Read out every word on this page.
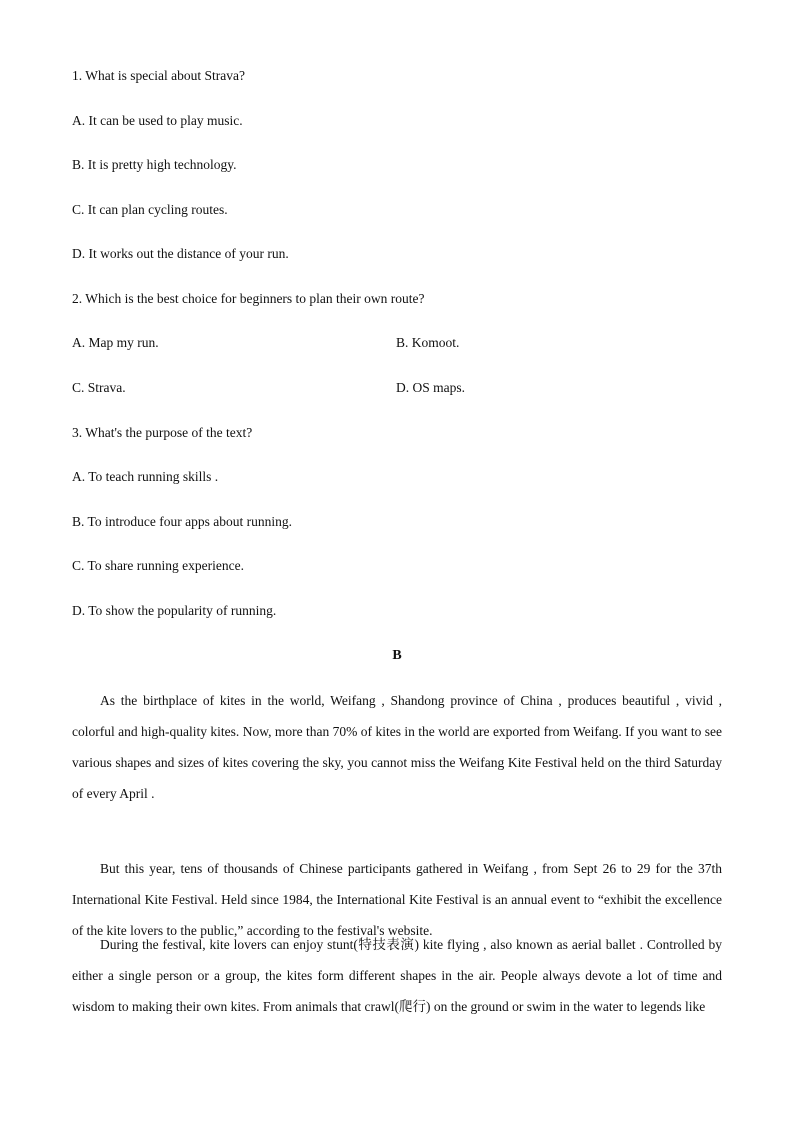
1. What is special about Strava?
A. It can be used to play music.
B. It is pretty high technology.
C. It can plan cycling routes.
D. It works out the distance of your run.
2. Which is the best choice for beginners to plan their own route?
A. Map my run.	B. Komoot.
C. Strava.	D. OS maps.
3. What's the purpose of the text?
A. To teach running skills .
B. To introduce four apps about running.
C. To share running experience.
D. To show the popularity of running.
B

As the birthplace of kites in the world, Weifang , Shandong province of China , produces beautiful , vivid , colorful and high-quality kites. Now, more than 70% of kites in the world are exported from Weifang. If you want to see various shapes and sizes of kites covering the sky, you cannot miss the Weifang Kite Festival held on the third Saturday of every April .

But this year, tens of thousands of Chinese participants gathered in Weifang , from Sept 26 to 29 for the 37th International Kite Festival. Held since 1984, the International Kite Festival is an annual event to “exhibit the excellence of the kite lovers to the public,” according to the festival's website.

During the festival, kite lovers can enjoy stunt(特技表演) kite flying , also known as aerial ballet . Controlled by either a single person or a group, the kites form different shapes in the air. People always devote a lot of time and wisdom to making their own kites. From animals that crawl(爬行) on the ground or swim in the water to legends like
